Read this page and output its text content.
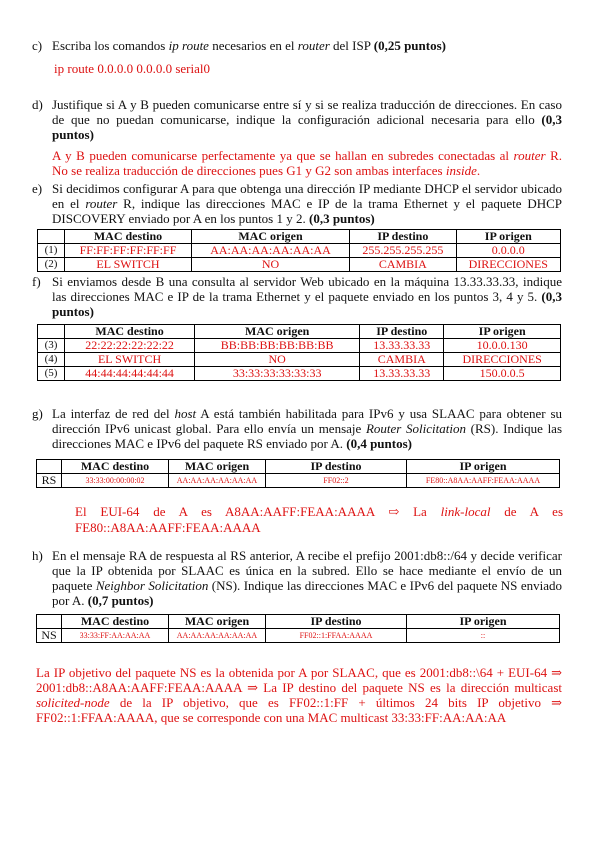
c) Escriba los comandos ip route necesarios en el router del ISP (0,25 puntos)
ip route 0.0.0.0 0.0.0.0 serial0
d) Justifique si A y B pueden comunicarse entre sí y si se realiza traducción de direcciones. En caso de que no puedan comunicarse, indique la configuración adicional necesaria para ello (0,3 puntos)
A y B pueden comunicarse perfectamente ya que se hallan en subredes conectadas al router R. No se realiza traducción de direcciones pues G1 y G2 son ambas interfaces inside.
e) Si decidimos configurar A para que obtenga una dirección IP mediante DHCP el servidor ubicado en el router R, indique las direcciones MAC e IP de la trama Ethernet y el paquete DHCP DISCOVERY enviado por A en los puntos 1 y 2. (0,3 puntos)
	MAC destino	MAC origen	IP destino	IP origen
(1)	FF:FF:FF:FF:FF:FF	AA:AA:AA:AA:AA:AA	255.255.255.255	0.0.0.0
(2)	EL SWITCH	NO	CAMBIA	DIRECCIONES
f) Si enviamos desde B una consulta al servidor Web ubicado en la máquina 13.33.33.33, indique las direcciones MAC e IP de la trama Ethernet y el paquete enviado en los puntos 3, 4 y 5. (0,3 puntos)
	MAC destino	MAC origen	IP destino	IP origen
(3)	22:22:22:22:22:22	BB:BB:BB:BB:BB:BB	13.33.33.33	10.0.0.130
(4)	EL SWITCH	NO	CAMBIA	DIRECCIONES
(5)	44:44:44:44:44:44	33:33:33:33:33:33	13.33.33.33	150.0.0.5
g) La interfaz de red del host A está también habilitada para IPv6 y usa SLAAC para obtener su dirección IPv6 unicast global. Para ello envía un mensaje Router Solicitation (RS). Indique las direcciones MAC e IPv6 del paquete RS enviado por A. (0,4 puntos)
	MAC destino	MAC origen	IP destino	IP origen
RS	33:33:00:00:00:02	AA:AA:AA:AA:AA:AA	FF02::2	FE80::A8AA:AAFF:FEAA:AAAA
El EUI-64 de A es A8AA:AAFF:FEAA:AAAA ⇨ La link-local de A es FE80::A8AA:AAFF:FEAA:AAAA
h) En el mensaje RA de respuesta al RS anterior, A recibe el prefijo 2001:db8::/64 y decide verificar que la IP obtenida por SLAAC es única en la subred. Ello se hace mediante el envío de un paquete Neighbor Solicitation (NS). Indique las direcciones MAC e IPv6 del paquete NS enviado por A. (0,7 puntos)
	MAC destino	MAC origen	IP destino	IP origen
NS	33:33:FF:AA:AA:AA	AA:AA:AA:AA:AA:AA	FF02::1:FFAA:AAAA	::
La IP objetivo del paquete NS es la obtenida por A por SLAAC, que es 2001:db8::\64 + EUI-64 ⇒ 2001:db8::A8AA:AAFF:FEAA:AAAA ⇒ La IP destino del paquete NS es la dirección multicast solicited-node de la IP objetivo, que es FF02::1:FF + últimos 24 bits IP objetivo ⇒ FF02::1:FFAA:AAAA, que se corresponde con una MAC multicast 33:33:FF:AA:AA:AA
